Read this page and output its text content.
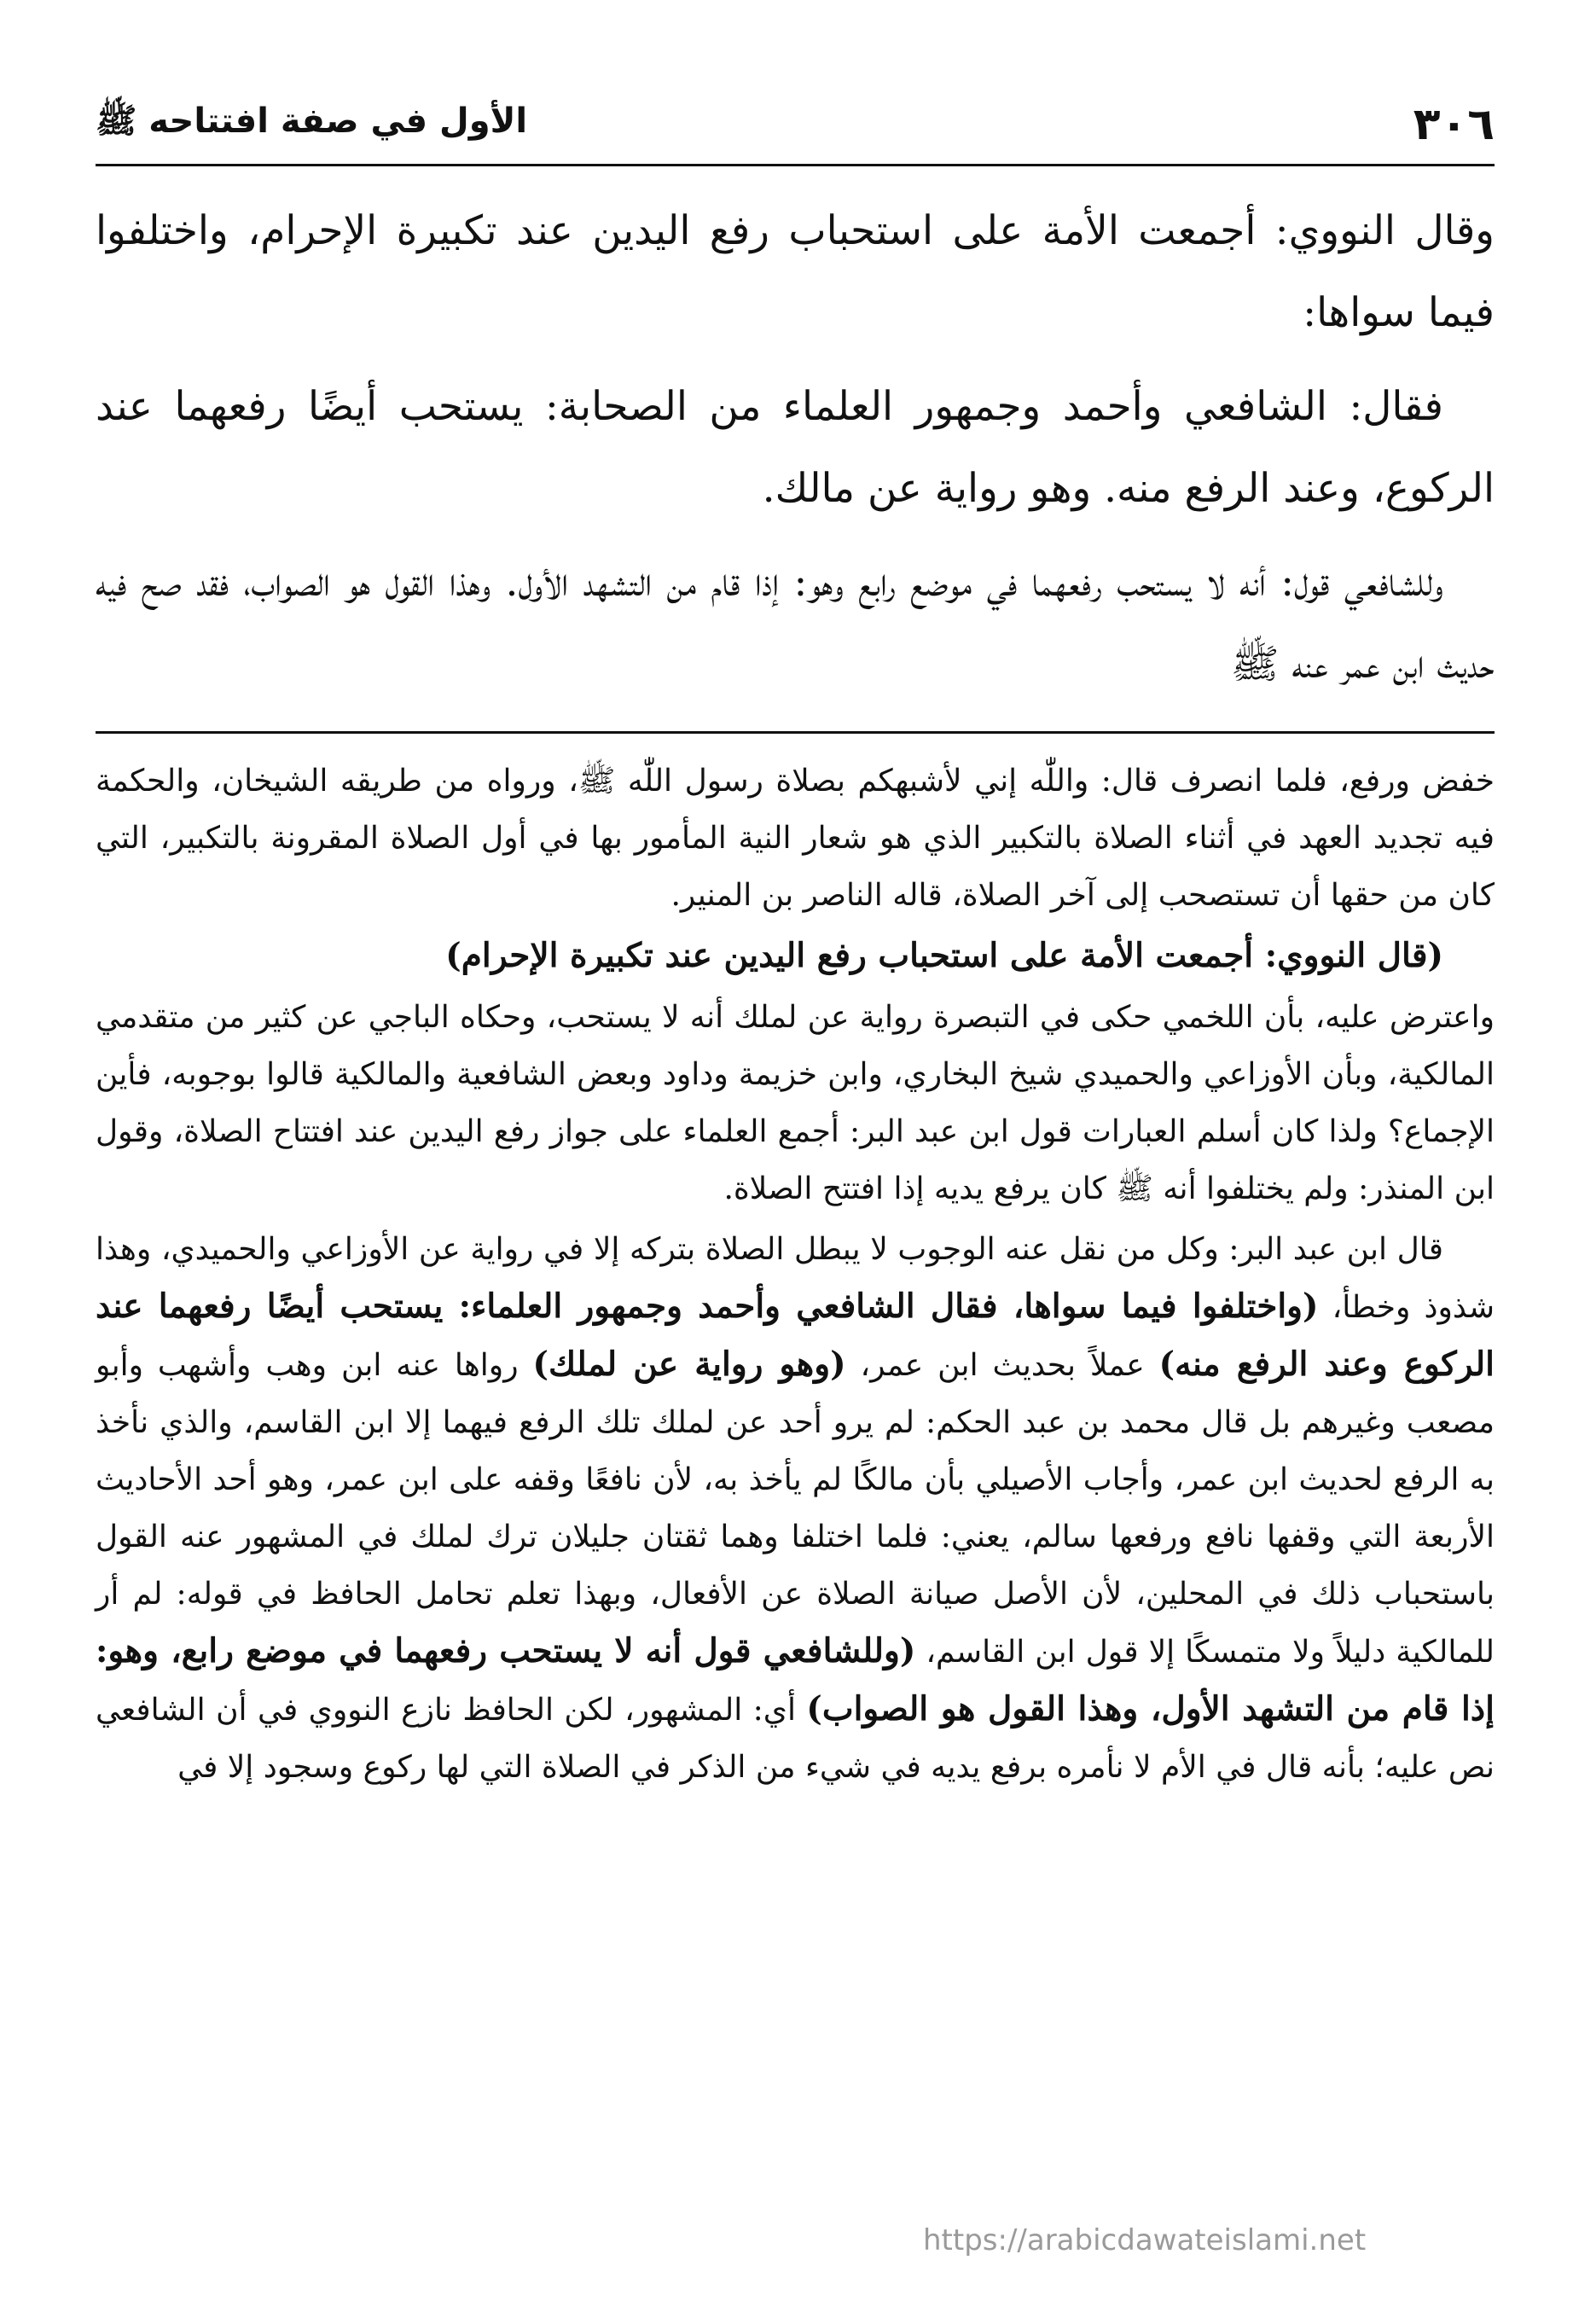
٣٠٦
الأول في صفة افتتاحه ﷺ

وقال النووي: أجمعت الأمة على استحباب رفع اليدين عند تكبيرة الإحرام، واختلفوا فيما سواها:

فقال: الشافعي وأحمد وجمهور العلماء من الصحابة: يستحب أيضًا رفعهما عند الركوع، وعند الرفع منه. وهو رواية عن مالك.

وللشافعي قول: أنه لا يستحب رفعهما في موضع رابع وهو: إذا قام من التشهد الأول. وهذا القول هو الصواب، فقد صح فيه حديث ابن عمر عنه ﷺ

خفض ورفع، فلما انصرف قال: واللّٰه إني لأشبهكم بصلاة رسول اللّٰه ﷺ، ورواه من طريقه الشيخان، والحكمة فيه تجديد العهد في أثناء الصلاة بالتكبير الذي هو شعار النية المأمور بها في أول الصلاة المقرونة بالتكبير، التي كان من حقها أن تستصحب إلى آخر الصلاة، قاله الناصر بن المنير.

(قال النووي: أجمعت الأمة على استحباب رفع اليدين عند تكبيرة الإحرام)

واعترض عليه، بأن اللخمي حكى في التبصرة رواية عن لملك أنه لا يستحب، وحكاه الباجي عن كثير من متقدمي المالكية، وبأن الأوزاعي والحميدي شيخ البخاري، وابن خزيمة وداود وبعض الشافعية والمالكية قالوا بوجوبه، فأين الإجماع؟ ولذا كان أسلم العبارات قول ابن عبد البر: أجمع العلماء على جواز رفع اليدين عند افتتاح الصلاة، وقول ابن المنذر: ولم يختلفوا أنه ﷺ كان يرفع يديه إذا افتتح الصلاة.

قال ابن عبد البر: وكل من نقل عنه الوجوب لا يبطل الصلاة بتركه إلا في رواية عن الأوزاعي والحميدي، وهذا شذوذ وخطأ، (واختلفوا فيما سواها، فقال الشافعي وأحمد وجمهور العلماء: يستحب أيضًا رفعهما عند الركوع وعند الرفع منه) عملاً بحديث ابن عمر، (وهو رواية عن لملك) رواها عنه ابن وهب وأشهب وأبو مصعب وغيرهم بل قال محمد بن عبد الحكم: لم يرو أحد عن لملك تلك الرفع فيهما إلا ابن القاسم، والذي نأخذ به الرفع لحديث ابن عمر، وأجاب الأصيلي بأن مالكًا لم يأخذ به، لأن نافعًا وقفه على ابن عمر، وهو أحد الأحاديث الأربعة التي وقفها نافع ورفعها سالم، يعني: فلما اختلفا وهما ثقتان جليلان ترك لملك في المشهور عنه القول باستحباب ذلك في المحلين، لأن الأصل صيانة الصلاة عن الأفعال، وبهذا تعلم تحامل الحافظ في قوله: لم أر للمالكية دليلاً ولا متمسكًا إلا قول ابن القاسم، (وللشافعي قول أنه لا يستحب رفعهما في موضع رابع، وهو: إذا قام من التشهد الأول، وهذا القول هو الصواب) أي: المشهور، لكن الحافظ نازع النووي في أن الشافعي نص عليه؛ بأنه قال في الأم لا نأمره برفع يديه في شيء من الذكر في الصلاة التي لها ركوع وسجود إلا في

https://arabicdawateislami.net
